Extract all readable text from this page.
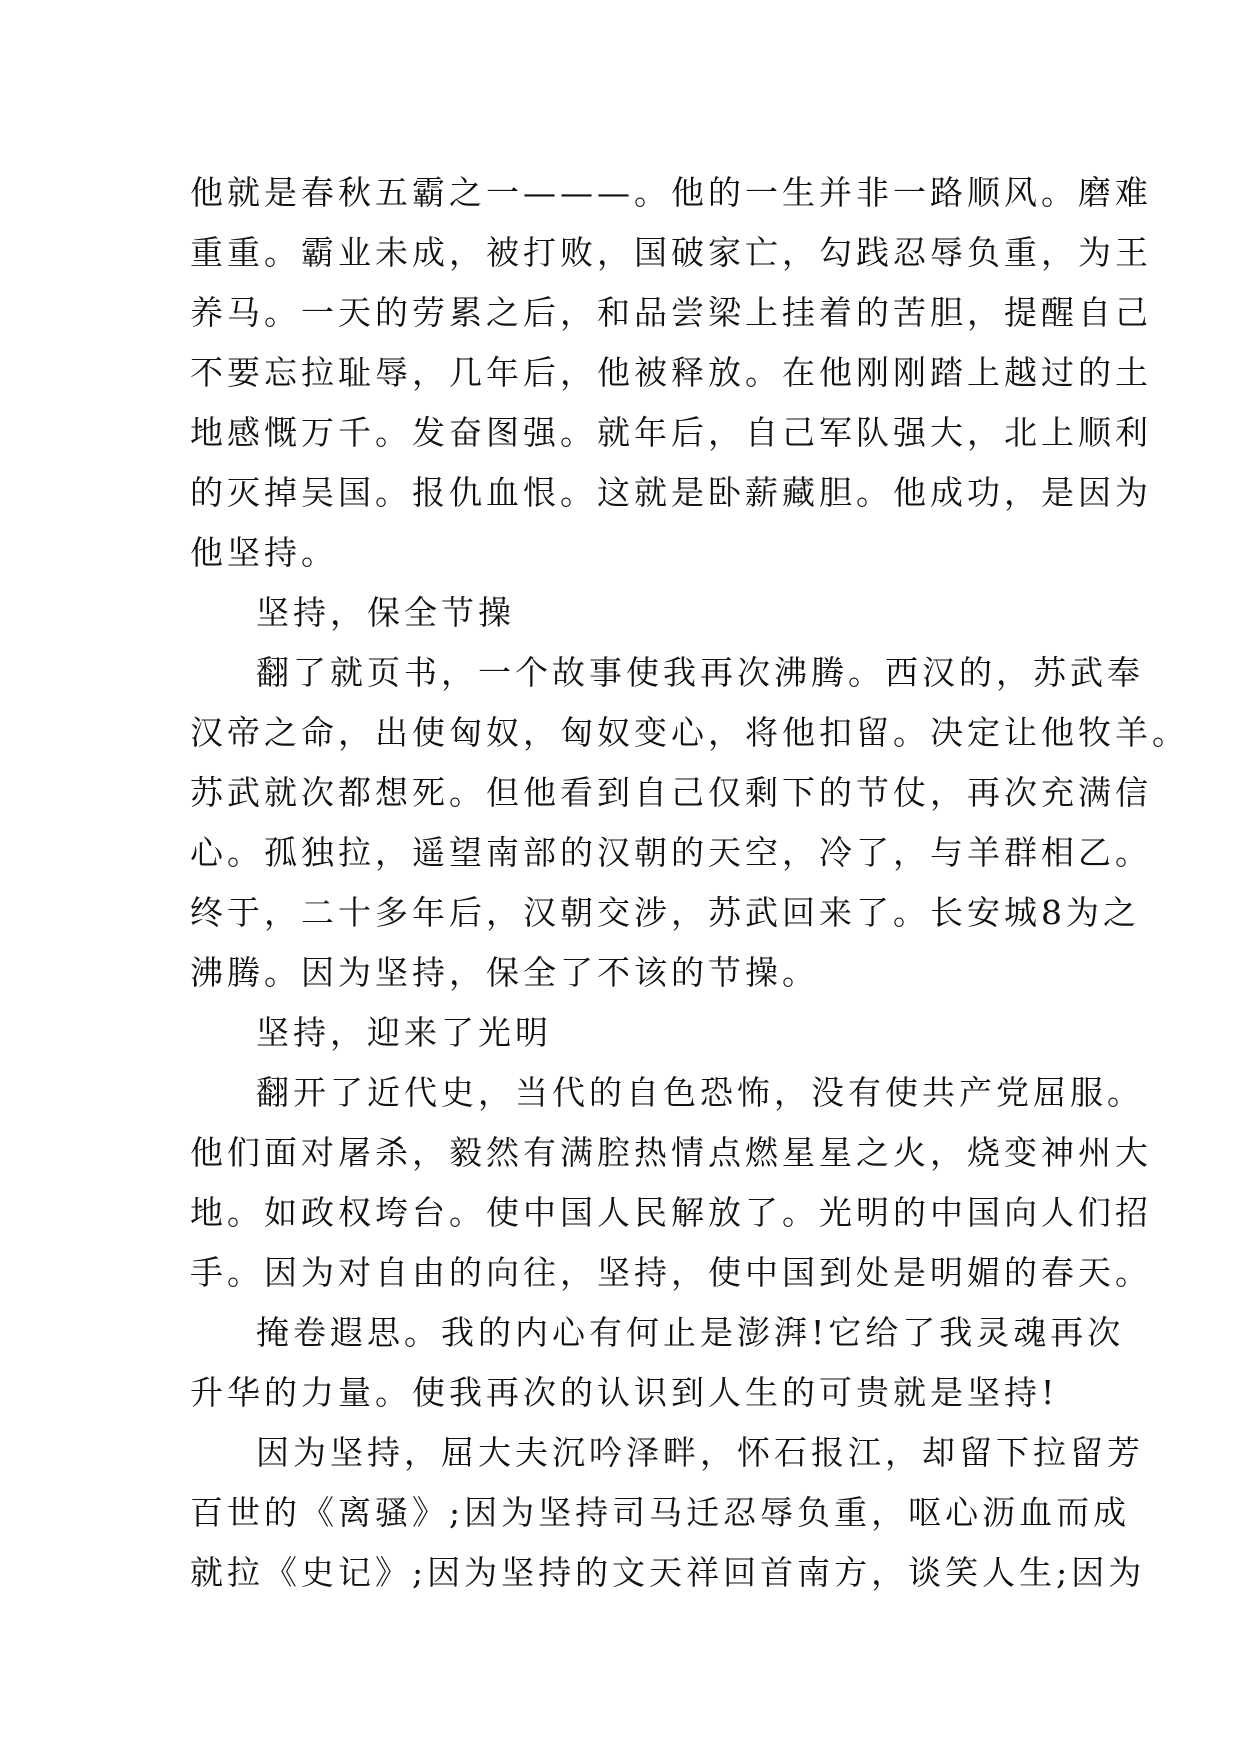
他就是春秋五霸之一———。他的一生并非一路顺风。磨难
重重。霸业未成，被打败，国破家亡，勾践忍辱负重，为王
养马。一天的劳累之后，和品尝梁上挂着的苦胆，提醒自己
不要忘拉耻辱，几年后，他被释放。在他刚刚踏上越过的土
地感慨万千。发奋图强。就年后，自己军队强大，北上顺利
的灭掉吴国。报仇血恨。这就是卧薪藏胆。他成功，是因为
他坚持。
坚持，保全节操
翻了就页书，一个故事使我再次沸腾。西汉的，苏武奉
汉帝之命，出使匈奴，匈奴变心，将他扣留。决定让他牧羊。
苏武就次都想死。但他看到自己仅剩下的节仗，再次充满信
心。孤独拉，遥望南部的汉朝的天空，冷了，与羊群相乙。
终于，二十多年后，汉朝交涉，苏武回来了。长安城8为之
沸腾。因为坚持，保全了不该的节操。
坚持，迎来了光明
翻开了近代史，当代的自色恐怖，没有使共产党屈服。
他们面对屠杀，毅然有满腔热情点燃星星之火，烧变神州大
地。如政权垮台。使中国人民解放了。光明的中国向人们招
手。因为对自由的向往，坚持，使中国到处是明媚的春天。
掩卷遐思。我的内心有何止是澎湃!它给了我灵魂再次
升华的力量。使我再次的认识到人生的可贵就是坚持!
因为坚持，屈大夫沉吟泽畔，怀石报江，却留下拉留芳
百世的《离骚》;因为坚持司马迁忍辱负重，呕心沥血而成
就拉《史记》;因为坚持的文天祥回首南方，谈笑人生;因为
